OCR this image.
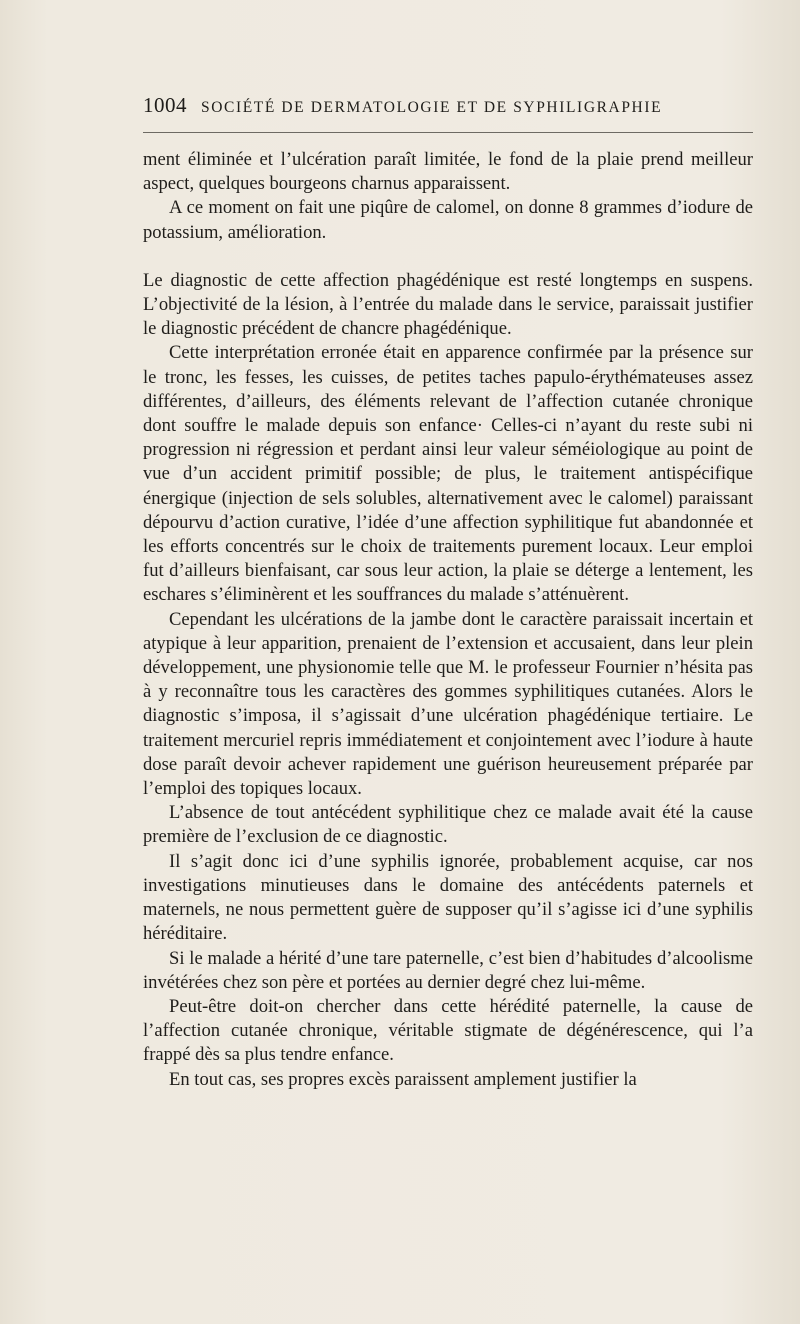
1004 SOCIÉTÉ DE DERMATOLOGIE ET DE SYPHILIGRAPHIE

ment éliminée et l’ulcération paraît limitée, le fond de la plaie prend meilleur aspect, quelques bourgeons charnus apparaissent.

A ce moment on fait une piqûre de calomel, on donne 8 grammes d’iodure de potassium, amélioration.

Le diagnostic de cette affection phagédénique est resté longtemps en suspens. L’objectivité de la lésion, à l’entrée du malade dans le service, paraissait justifier le diagnostic précédent de chancre phagédénique.

Cette interprétation erronée était en apparence confirmée par la présence sur le tronc, les fesses, les cuisses, de petites taches papulo-érythémateuses assez différentes, d’ailleurs, des éléments relevant de l’affection cutanée chronique dont souffre le malade depuis son enfance· Celles-ci n’ayant du reste subi ni progression ni régression et perdant ainsi leur valeur séméiologique au point de vue d’un accident primitif possible; de plus, le traitement antispécifique énergique (injection de sels solubles, alternativement avec le calomel) paraissant dépourvu d’action curative, l’idée d’une affection syphilitique fut abandonnée et les efforts concentrés sur le choix de traitements purement locaux. Leur emploi fut d’ailleurs bienfaisant, car sous leur action, la plaie se déterge a lentement, les eschares s’éliminèrent et les souffrances du malade s’atténuèrent.

Cependant les ulcérations de la jambe dont le caractère paraissait incertain et atypique à leur apparition, prenaient de l’extension et accusaient, dans leur plein développement, une physionomie telle que M. le professeur Fournier n’hésita pas à y reconnaître tous les caractères des gommes syphilitiques cutanées. Alors le diagnostic s’imposa, il s’agissait d’une ulcération phagédénique tertiaire. Le traitement mercuriel repris immédiatement et conjointement avec l’iodure à haute dose paraît devoir achever rapidement une guérison heureusement préparée par l’emploi des topiques locaux.

L’absence de tout antécédent syphilitique chez ce malade avait été la cause première de l’exclusion de ce diagnostic.

Il s’agit donc ici d’une syphilis ignorée, probablement acquise, car nos investigations minutieuses dans le domaine des antécédents paternels et maternels, ne nous permettent guère de supposer qu’il s’agisse ici d’une syphilis héréditaire.

Si le malade a hérité d’une tare paternelle, c’est bien d’habitudes d’alcoolisme invétérées chez son père et portées au dernier degré chez lui-même.

Peut-être doit-on chercher dans cette hérédité paternelle, la cause de l’affection cutanée chronique, véritable stigmate de dégénérescence, qui l’a frappé dès sa plus tendre enfance.

En tout cas, ses propres excès paraissent amplement justifier la
